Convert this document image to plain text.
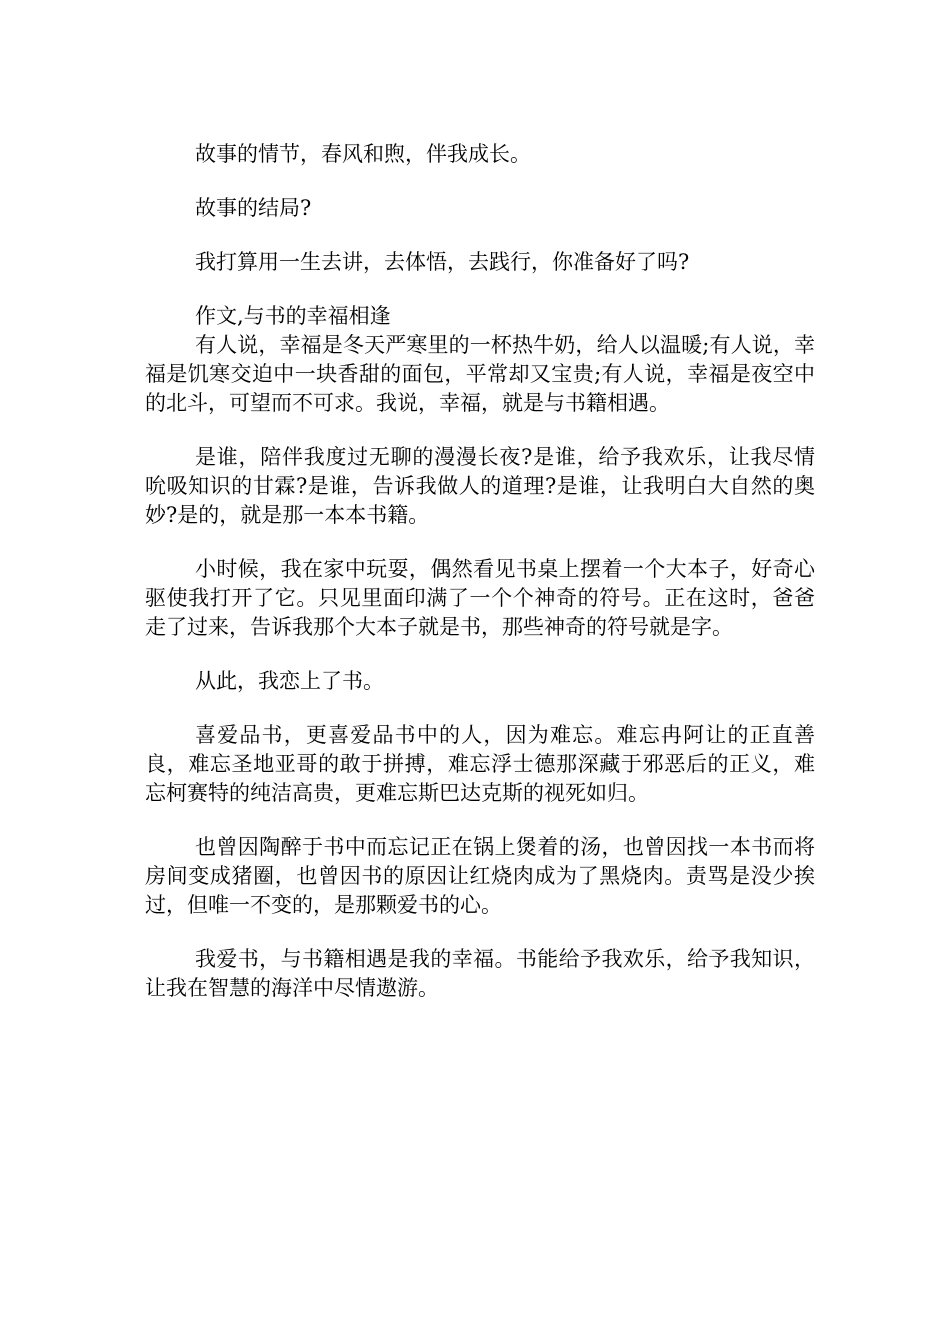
故事的情节，春风和煦，伴我成长。

故事的结局?

我打算用一生去讲，去体悟，去践行，你准备好了吗?

作文,与书的幸福相逢

有人说，幸福是冬天严寒里的一杯热牛奶，给人以温暖;有人说，幸福是饥寒交迫中一块香甜的面包，平常却又宝贵;有人说，幸福是夜空中的北斗，可望而不可求。我说，幸福，就是与书籍相遇。

是谁，陪伴我度过无聊的漫漫长夜?是谁，给予我欢乐，让我尽情吮吸知识的甘霖?是谁，告诉我做人的道理?是谁，让我明白大自然的奥妙?是的，就是那一本本书籍。

小时候，我在家中玩耍，偶然看见书桌上摆着一个大本子，好奇心驱使我打开了它。只见里面印满了一个个神奇的符号。正在这时，爸爸走了过来，告诉我那个大本子就是书，那些神奇的符号就是字。

从此，我恋上了书。

喜爱品书，更喜爱品书中的人，因为难忘。难忘冉阿让的正直善良，难忘圣地亚哥的敢于拼搏，难忘浮士德那深藏于邪恶后的正义，难忘柯赛特的纯洁高贵，更难忘斯巴达克斯的视死如归。

也曾因陶醉于书中而忘记正在锅上煲着的汤，也曾因找一本书而将房间变成猪圈，也曾因书的原因让红烧肉成为了黑烧肉。责骂是没少挨过，但唯一不变的，是那颗爱书的心。

我爱书，与书籍相遇是我的幸福。书能给予我欢乐，给予我知识，让我在智慧的海洋中尽情遨游。
